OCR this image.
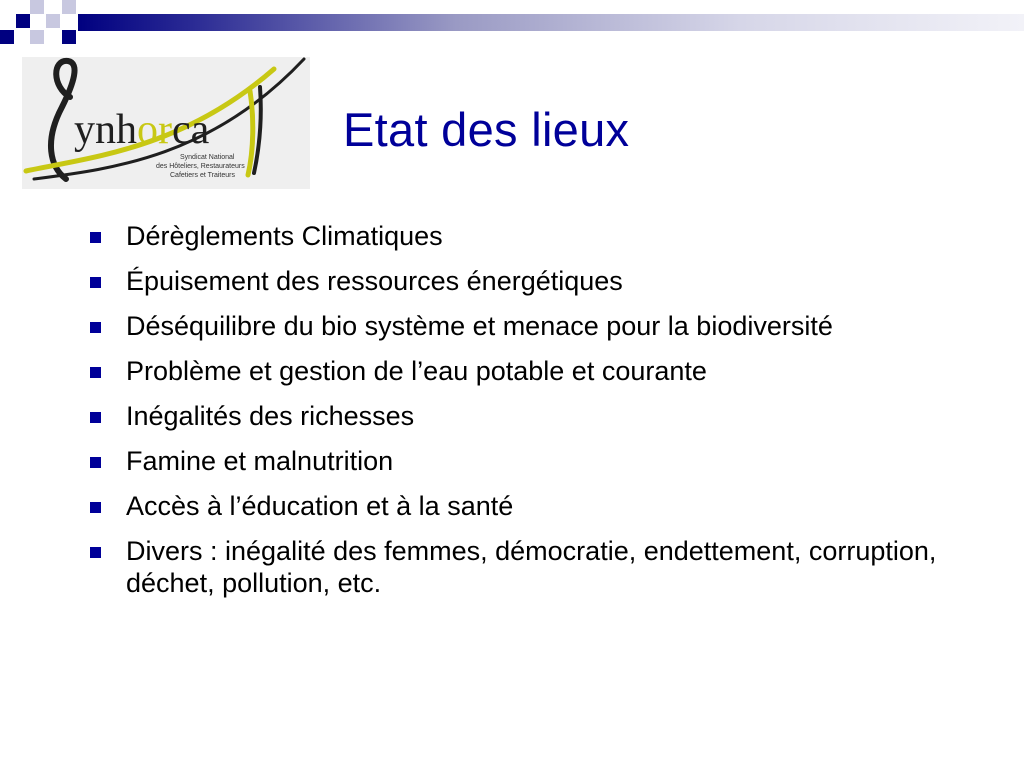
ynhorca
Syndicat National
des Hôteliers, Restaurateurs
Cafetiers et Traiteurs
Etat des lieux
Dérèglements Climatiques
Épuisement des ressources énergétiques
Déséquilibre du bio système et menace pour la biodiversité
Problème et gestion de l’eau potable et courante
Inégalités des richesses
Famine et malnutrition
Accès à l’éducation et à la santé
Divers : inégalité des femmes, démocratie, endettement, corruption, déchet, pollution, etc.
